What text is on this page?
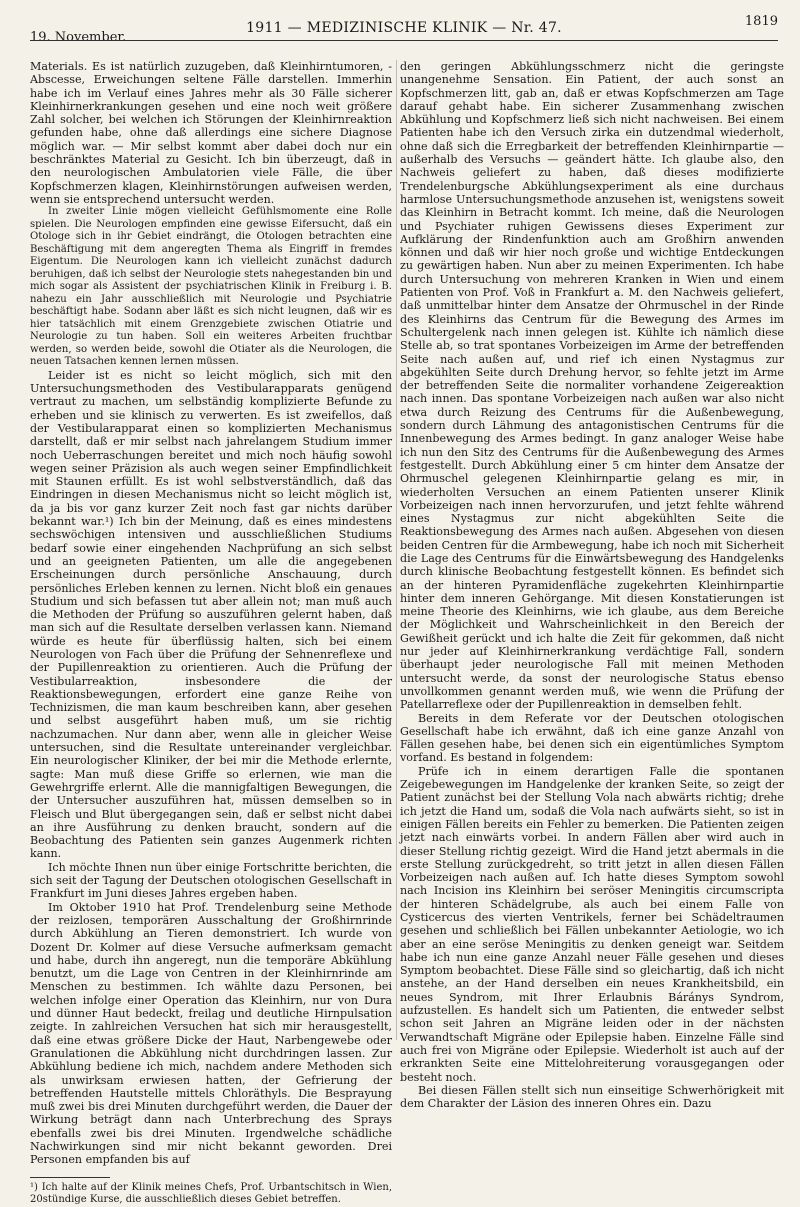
19. November.
1911 — MEDIZINISCHE KLINIK — Nr. 47.	1819

Materials. Es ist natürlich zuzugeben, daß Kleinhirntumoren, -Abscesse, Erweichungen seltene Fälle darstellen. Immerhin habe ich im Verlauf eines Jahres mehr als 30 Fälle sicherer Kleinhirnerkrankungen gesehen und eine noch weit größere Zahl solcher, bei welchen ich Störungen der Kleinhirnreaktion gefunden habe, ohne daß allerdings eine sichere Diagnose möglich war. — Mir selbst kommt aber dabei doch nur ein beschränktes Material zu Gesicht. Ich bin überzeugt, daß in den neurologischen Ambulatorien viele Fälle, die über Kopfschmerzen klagen, Kleinhirnstörungen aufweisen werden, wenn sie entsprechend untersucht werden.

In zweiter Linie mögen vielleicht Gefühlsmomente eine Rolle spielen. Die Neurologen empfinden eine gewisse Eifersucht, daß ein Otologe sich in ihr Gebiet eindrängt, die Otologen betrachten eine Beschäftigung mit dem angeregten Thema als Eingriff in fremdes Eigentum. Die Neurologen kann ich vielleicht zunächst dadurch beruhigen, daß ich selbst der Neurologie stets nahegestanden bin und mich sogar als Assistent der psychiatrischen Klinik in Freiburg i. B. nahezu ein Jahr ausschließlich mit Neurologie und Psychiatrie beschäftigt habe. Sodann aber läßt es sich nicht leugnen, daß wir es hier tatsächlich mit einem Grenzgebiete zwischen Otiatrie und Neurologie zu tun haben. Soll ein weiteres Arbeiten fruchtbar werden, so werden beide, sowohl die Otiater als die Neurologen, die neuen Tatsachen kennen lernen müssen.

Leider ist es nicht so leicht möglich, sich mit den Untersuchungsmethoden des Vestibularapparats genügend vertraut zu machen, um selbständig komplizierte Befunde zu erheben und sie klinisch zu verwerten. Es ist zweifellos, daß der Vestibularapparat einen so komplizierten Mechanismus darstellt, daß er mir selbst nach jahrelangem Studium immer noch Ueberraschungen bereitet und mich noch häufig sowohl wegen seiner Präzision als auch wegen seiner Empfindlichkeit mit Staunen erfüllt. Es ist wohl selbstverständlich, daß das Eindringen in diesen Mechanismus nicht so leicht möglich ist, da ja bis vor ganz kurzer Zeit noch fast gar nichts darüber bekannt war.¹) Ich bin der Meinung, daß es eines mindestens sechswöchigen intensiven und ausschließlichen Studiums bedarf sowie einer eingehenden Nachprüfung an sich selbst und an geeigneten Patienten, um alle die angegebenen Erscheinungen durch persönliche Anschauung, durch persönliches Erleben kennen zu lernen. Nicht bloß ein genaues Studium und sich befassen tut aber allein not; man muß auch die Methoden der Prüfung so auszuführen gelernt haben, daß man sich auf die Resultate derselben verlassen kann. Niemand würde es heute für überflüssig halten, sich bei einem Neurologen von Fach über die Prüfung der Sehnenreflexe und der Pupillenreaktion zu orientieren. Auch die Prüfung der Vestibularreaktion, insbesondere die der Reaktionsbewegungen, erfordert eine ganze Reihe von Technizismen, die man kaum beschreiben kann, aber gesehen und selbst ausgeführt haben muß, um sie richtig nachzumachen. Nur dann aber, wenn alle in gleicher Weise untersuchen, sind die Resultate untereinander vergleichbar. Ein neurologischer Kliniker, der bei mir die Methode erlernte, sagte: Man muß diese Griffe so erlernen, wie man die Gewehrgriffe erlernt. Alle die mannigfaltigen Bewegungen, die der Untersucher auszuführen hat, müssen demselben so in Fleisch und Blut übergegangen sein, daß er selbst nicht dabei an ihre Ausführung zu denken braucht, sondern auf die Beobachtung des Patienten sein ganzes Augenmerk richten kann.

Ich möchte Ihnen nun über einige Fortschritte berichten, die sich seit der Tagung der Deutschen otologischen Gesellschaft in Frankfurt im Juni dieses Jahres ergeben haben.

Im Oktober 1910 hat Prof. Trendelenburg seine Methode der reizlosen, temporären Ausschaltung der Großhirnrinde durch Abkühlung an Tieren demonstriert. Ich wurde von Dozent Dr. Kolmer auf diese Versuche aufmerksam gemacht und habe, durch ihn angeregt, nun die temporäre Abkühlung benutzt, um die Lage von Centren in der Kleinhirnrinde am Menschen zu bestimmen. Ich wählte dazu Personen, bei welchen infolge einer Operation das Kleinhirn, nur von Dura und dünner Haut bedeckt, freilag und deutliche Hirnpulsation zeigte. In zahlreichen Versuchen hat sich mir herausgestellt, daß eine etwas größere Dicke der Haut, Narbengewebe oder Granulationen die Abkühlung nicht durchdringen lassen. Zur Abkühlung bediene ich mich, nachdem andere Methoden sich als unwirksam erwiesen hatten, der Gefrierung der betreffenden Hautstelle mittels Chloräthyls. Die Besprayung muß zwei bis drei Minuten durchgeführt werden, die Dauer der Wirkung beträgt dann nach Unterbrechung des Sprays ebenfalls zwei bis drei Minuten. Irgendwelche schädliche Nachwirkungen sind mir nicht bekannt geworden. Drei Personen empfanden bis auf

¹) Ich halte auf der Klinik meines Chefs, Prof. Urbantschitsch in Wien, 20stündige Kurse, die ausschließlich dieses Gebiet betreffen.

den geringen Abkühlungsschmerz nicht die geringste unangenehme Sensation. Ein Patient, der auch sonst an Kopfschmerzen litt, gab an, daß er etwas Kopfschmerzen am Tage darauf gehabt habe. Ein sicherer Zusammenhang zwischen Abkühlung und Kopfschmerz ließ sich nicht nachweisen. Bei einem Patienten habe ich den Versuch zirka ein dutzendmal wiederholt, ohne daß sich die Erregbarkeit der betreffenden Kleinhirnpartie — außerhalb des Versuchs — geändert hätte. Ich glaube also, den Nachweis geliefert zu haben, daß dieses modifizierte Trendelenburgsche Abkühlungsexperiment als eine durchaus harmlose Untersuchungsmethode anzusehen ist, wenigstens soweit das Kleinhirn in Betracht kommt. Ich meine, daß die Neurologen und Psychiater ruhigen Gewissens dieses Experiment zur Aufklärung der Rindenfunktion auch am Großhirn anwenden können und daß wir hier noch große und wichtige Entdeckungen zu gewärtigen haben. Nun aber zu meinen Experimenten. Ich habe durch Untersuchung von mehreren Kranken in Wien und einem Patienten von Prof. Voß in Frankfurt a. M. den Nachweis geliefert, daß unmittelbar hinter dem Ansatze der Ohrmuschel in der Rinde des Kleinhirns das Centrum für die Bewegung des Armes im Schultergelenk nach innen gelegen ist. Kühlte ich nämlich diese Stelle ab, so trat spontanes Vorbeizeigen im Arme der betreffenden Seite nach außen auf, und rief ich einen Nystagmus zur abgekühlten Seite durch Drehung hervor, so fehlte jetzt im Arme der betreffenden Seite die normaliter vorhandene Zeigereaktion nach innen. Das spontane Vorbeizeigen nach außen war also nicht etwa durch Reizung des Centrums für die Außenbewegung, sondern durch Lähmung des antagonistischen Centrums für die Innenbewegung des Armes bedingt. In ganz analoger Weise habe ich nun den Sitz des Centrums für die Außenbewegung des Armes festgestellt. Durch Abkühlung einer 5 cm hinter dem Ansatze der Ohrmuschel gelegenen Kleinhirnpartie gelang es mir, in wiederholten Versuchen an einem Patienten unserer Klinik Vorbeizeigen nach innen hervorzurufen, und jetzt fehlte während eines Nystagmus zur nicht abgekühlten Seite die Reaktionsbewegung des Armes nach außen. Abgesehen von diesen beiden Centren für die Armbewegung, habe ich noch mit Sicherheit die Lage des Centrums für die Einwärtsbewegung des Handgelenks durch klinische Beobachtung festgestellt können. Es befindet sich an der hinteren Pyramidenfläche zugekehrten Kleinhirnpartie hinter dem inneren Gehörgange. Mit diesen Konstatierungen ist meine Theorie des Kleinhirns, wie ich glaube, aus dem Bereiche der Möglichkeit und Wahrscheinlichkeit in den Bereich der Gewißheit gerückt und ich halte die Zeit für gekommen, daß nicht nur jeder auf Kleinhirnerkrankung verdächtige Fall, sondern überhaupt jeder neurologische Fall mit meinen Methoden untersucht werde, da sonst der neurologische Status ebenso unvollkommen genannt werden muß, wie wenn die Prüfung der Patellarreflexe oder der Pupillenreaktion in demselben fehlt.

Bereits in dem Referate vor der Deutschen otologischen Gesellschaft habe ich erwähnt, daß ich eine ganze Anzahl von Fällen gesehen habe, bei denen sich ein eigentümliches Symptom vorfand. Es bestand in folgendem:

Prüfe ich in einem derartigen Falle die spontanen Zeigebewegungen im Handgelenke der kranken Seite, so zeigt der Patient zunächst bei der Stellung Vola nach abwärts richtig; drehe ich jetzt die Hand um, sodaß die Vola nach aufwärts sieht, so ist in einigen Fällen bereits ein Fehler zu bemerken. Die Patienten zeigen jetzt nach einwärts vorbei. In andern Fällen aber wird auch in dieser Stellung richtig gezeigt. Wird die Hand jetzt abermals in die erste Stellung zurückgedreht, so tritt jetzt in allen diesen Fällen Vorbeizeigen nach außen auf. Ich hatte dieses Symptom sowohl nach Incision ins Kleinhirn bei seröser Meningitis circumscripta der hinteren Schädelgrube, als auch bei einem Falle von Cysticercus des vierten Ventrikels, ferner bei Schädeltraumen gesehen und schließlich bei Fällen unbekannter Aetiologie, wo ich aber an eine seröse Meningitis zu denken geneigt war. Seitdem habe ich nun eine ganze Anzahl neuer Fälle gesehen und dieses Symptom beobachtet. Diese Fälle sind so gleichartig, daß ich nicht anstehe, an der Hand derselben ein neues Krankheitsbild, ein neues Syndrom, mit Ihrer Erlaubnis Báránys Syndrom, aufzustellen. Es handelt sich um Patienten, die entweder selbst schon seit Jahren an Migräne leiden oder in der nächsten Verwandtschaft Migräne oder Epilepsie haben. Einzelne Fälle sind auch frei von Migräne oder Epilepsie. Wiederholt ist auch auf der erkrankten Seite eine Mittelohreiterung vorausgegangen oder besteht noch.

Bei diesen Fällen stellt sich nun einseitige Schwerhörigkeit mit dem Charakter der Läsion des inneren Ohres ein. Dazu
